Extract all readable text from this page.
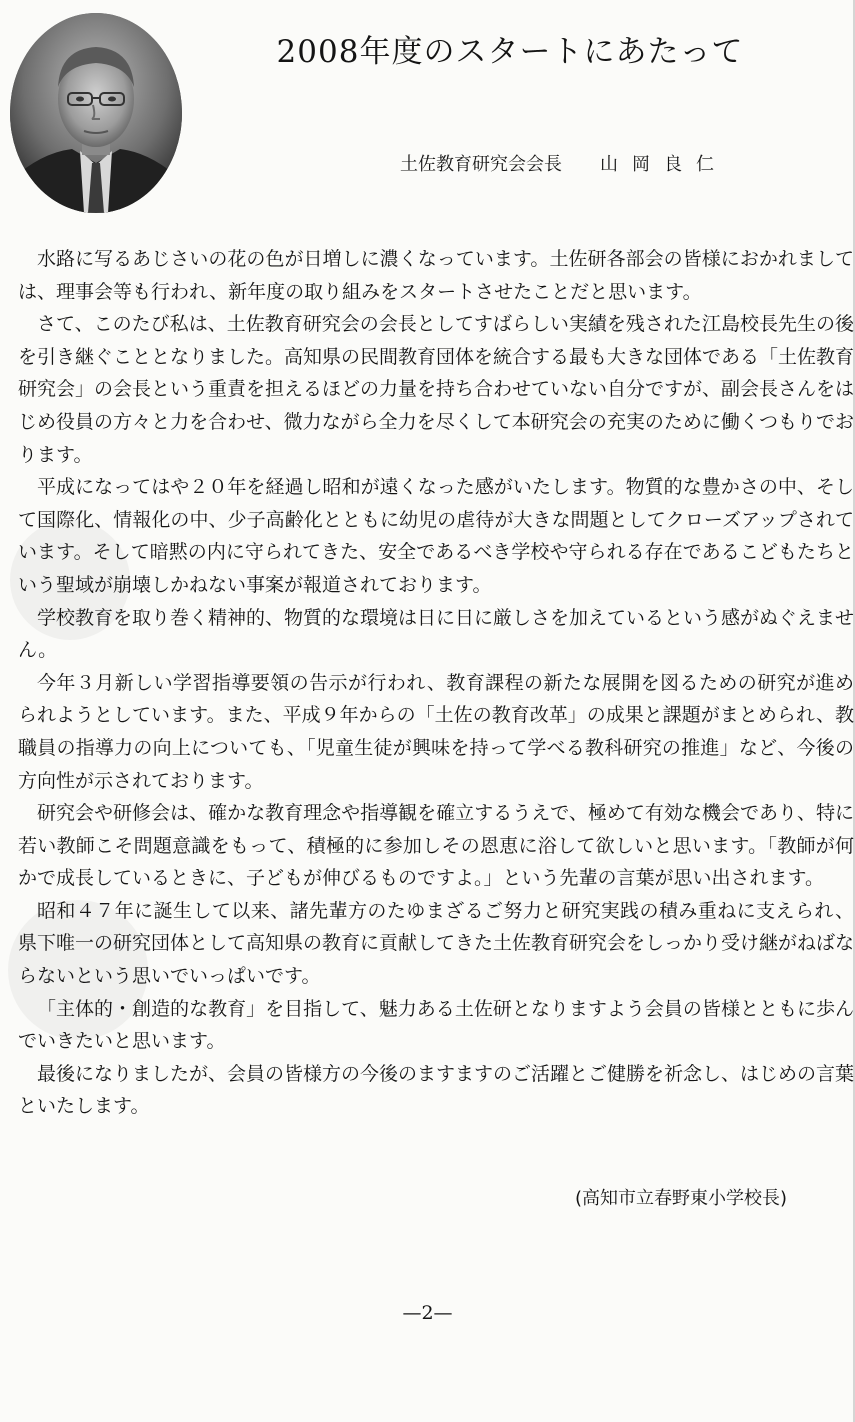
2008年度のスタートにあたって
土佐教育研究会会長 山岡良仁

水路に写るあじさいの花の色が日増しに濃くなっています。土佐研各部会の皆様におかれましては、理事会等も行われ、新年度の取り組みをスタートさせたことだと思います。

さて、このたび私は、土佐教育研究会の会長としてすばらしい実績を残された江島校長先生の後を引き継ぐこととなりました。高知県の民間教育団体を統合する最も大きな団体である「土佐教育研究会」の会長という重責を担えるほどの力量を持ち合わせていない自分ですが、副会長さんをはじめ役員の方々と力を合わせ、微力ながら全力を尽くして本研究会の充実のために働くつもりでおります。

平成になってはや２０年を経過し昭和が遠くなった感がいたします。物質的な豊かさの中、そして国際化、情報化の中、少子高齢化とともに幼児の虐待が大きな問題としてクローズアップされています。そして暗黙の内に守られてきた、安全であるべき学校や守られる存在であるこどもたちという聖域が崩壊しかねない事案が報道されております。

学校教育を取り巻く精神的、物質的な環境は日に日に厳しさを加えているという感がぬぐえません。

今年３月新しい学習指導要領の告示が行われ、教育課程の新たな展開を図るための研究が進められようとしています。また、平成９年からの「土佐の教育改革」の成果と課題がまとめられ、教職員の指導力の向上についても、「児童生徒が興味を持って学べる教科研究の推進」など、今後の方向性が示されております。

研究会や研修会は、確かな教育理念や指導観を確立するうえで、極めて有効な機会であり、特に若い教師こそ問題意識をもって、積極的に参加しその恩恵に浴して欲しいと思います。「教師が何かで成長しているときに、子どもが伸びるものですよ。」という先輩の言葉が思い出されます。

昭和４７年に誕生して以来、諸先輩方のたゆまざるご努力と研究実践の積み重ねに支えられ、県下唯一の研究団体として高知県の教育に貢献してきた土佐教育研究会をしっかり受け継がねばならないという思いでいっぱいです。

「主体的・創造的な教育」を目指して、魅力ある土佐研となりますよう会員の皆様とともに歩んでいきたいと思います。

最後になりましたが、会員の皆様方の今後のますますのご活躍とご健勝を祈念し、はじめの言葉といたします。

(高知市立春野東小学校長)
—2—
